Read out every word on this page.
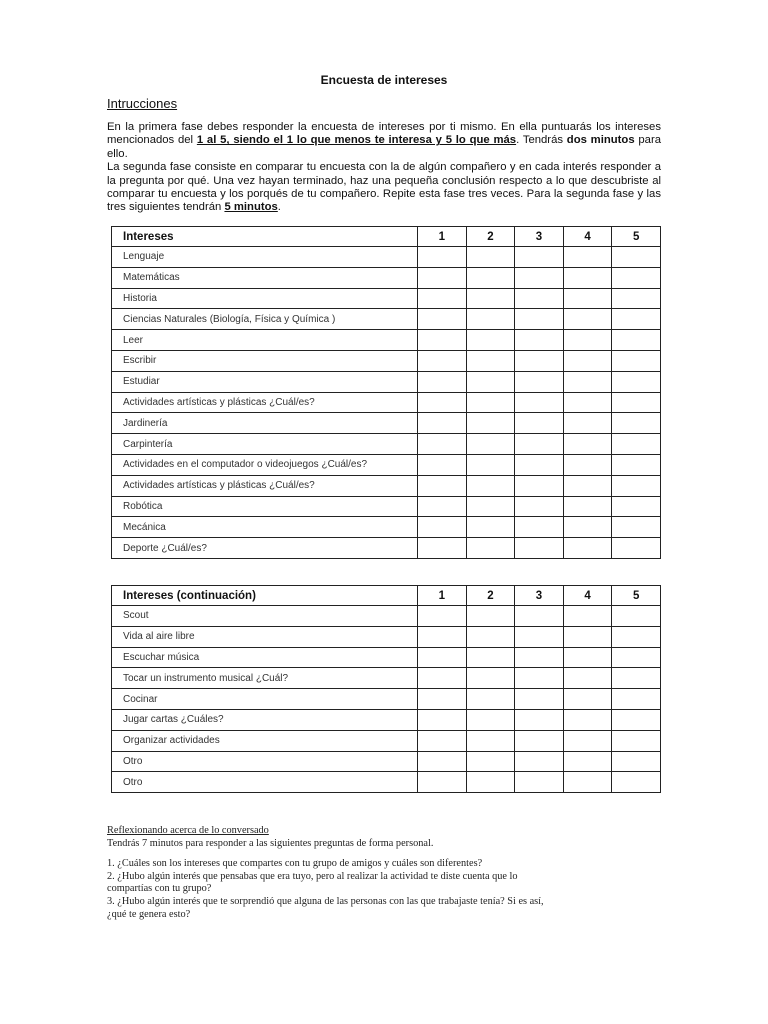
Encuesta de intereses
Intrucciones
En la primera fase debes responder la encuesta de intereses por ti mismo. En ella puntuarás los intereses mencionados del 1 al 5, siendo el 1 lo que menos te interesa y 5 lo que más. Tendrás dos minutos para ello.
La segunda fase consiste en comparar tu encuesta con la de algún compañero y en cada interés responder a la pregunta por qué. Una vez hayan terminado, haz una pequeña conclusión respecto a lo que descubriste al comparar tu encuesta y los porqués de tu compañero. Repite esta fase tres veces. Para la segunda fase y las tres siguientes tendrán 5 minutos.
Intereses	1	2	3	4	5
Lenguaje					
Matemáticas					
Historia					
Ciencias Naturales (Biología, Física y Química )					
Leer					
Escribir					
Estudiar					
Actividades artísticas y plásticas ¿Cuál/es?					
Jardinería					
Carpintería					
Actividades en el computador o videojuegos ¿Cuál/es?					
Actividades artísticas y plásticas ¿Cuál/es?					
Robótica					
Mecánica					
Deporte ¿Cuál/es?					
Intereses (continuación)	1	2	3	4	5
Scout					
Vida al aire libre					
Escuchar música					
Tocar un instrumento musical ¿Cuál?					
Cocinar					
Jugar cartas ¿Cuáles?					
Organizar actividades					
Otro					
Otro					
Reflexionando acerca de lo conversado
Tendrás 7 minutos para responder a las siguientes preguntas de forma personal.
1. ¿Cuáles son los intereses que compartes con tu grupo de amigos y cuáles son diferentes?
2. ¿Hubo algún interés que pensabas que era tuyo, pero al realizar la actividad te diste cuenta que lo
compartías con tu grupo?
3. ¿Hubo algún interés que te sorprendió que alguna de las personas con las que trabajaste tenía? Si es así,
¿qué te genera esto?
